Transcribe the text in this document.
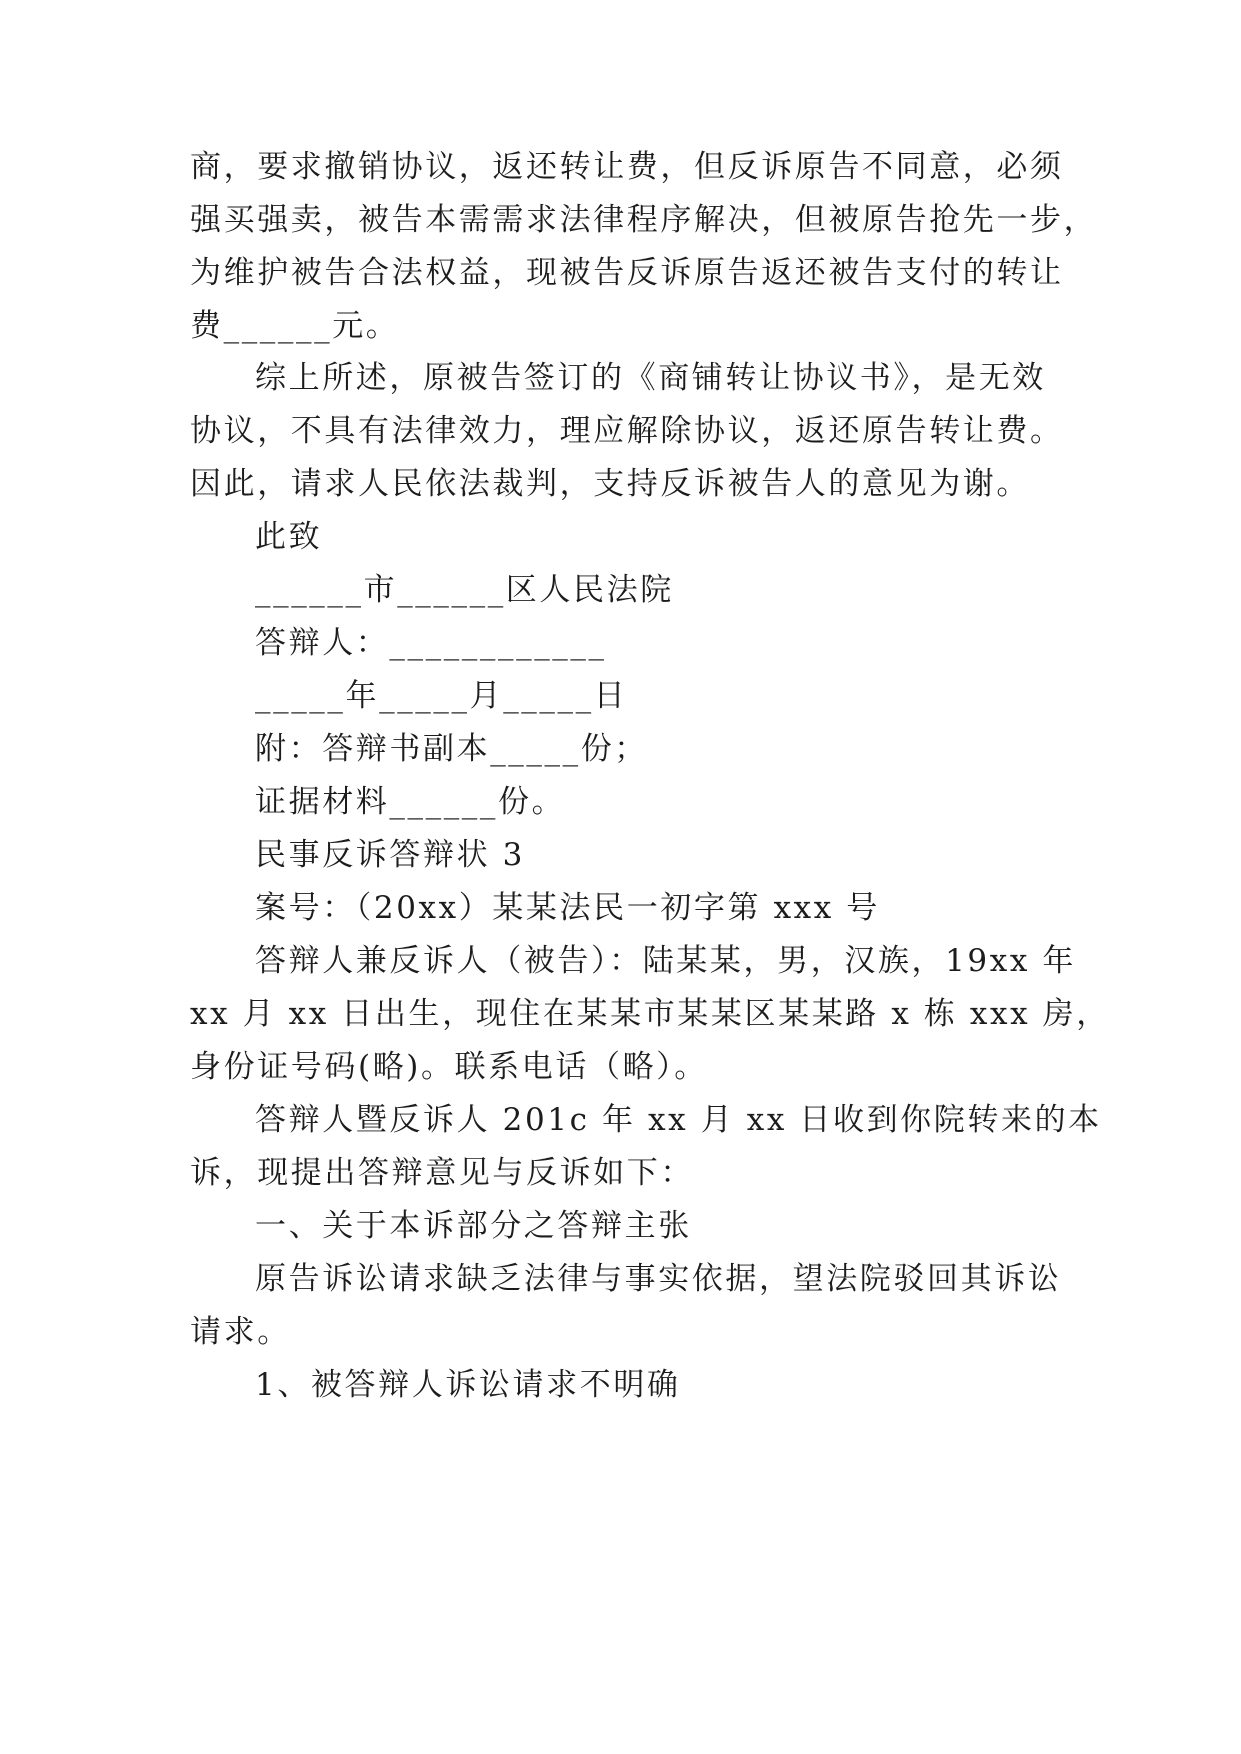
商，要求撤销协议，返还转让费，但反诉原告不同意，必须
强买强卖，被告本需需求法律程序解决，但被原告抢先一步，
为维护被告合法权益，现被告反诉原告返还被告支付的转让
费______元。
综上所述，原被告签订的《商铺转让协议书》，是无效
协议，不具有法律效力，理应解除协议，返还原告转让费。
因此，请求人民依法裁判，支持反诉被告人的意见为谢。
此致
______市______区人民法院
答辩人：____________
_____年_____月_____日
附：答辩书副本_____份；
证据材料______份。
民事反诉答辩状 3
案号：（20xx）某某法民一初字第 xxx 号
答辩人兼反诉人（被告）：陆某某，男，汉族，19xx 年
xx 月 xx 日出生，现住在某某市某某区某某路 x 栋 xxx 房，
身份证号码(略)。联系电话（略）。
答辩人暨反诉人 201c 年 xx 月 xx 日收到你院转来的本
诉，现提出答辩意见与反诉如下：
一、关于本诉部分之答辩主张
原告诉讼请求缺乏法律与事实依据，望法院驳回其诉讼
请求。
1、被答辩人诉讼请求不明确
